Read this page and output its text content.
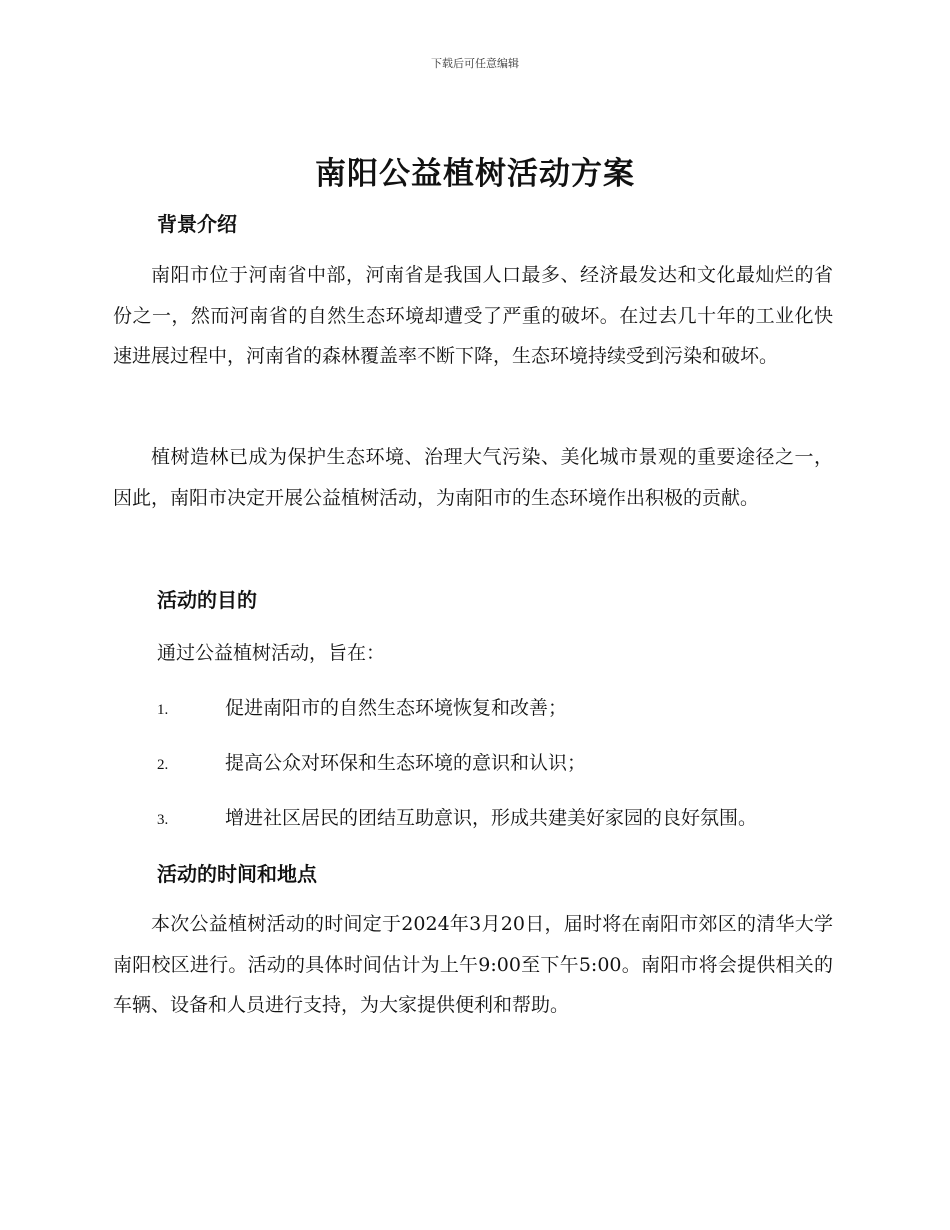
下载后可任意编辑
南阳公益植树活动方案
背景介绍

南阳市位于河南省中部，河南省是我国人口最多、经济最发达和文化最灿烂的省份之一，然而河南省的自然生态环境却遭受了严重的破坏。在过去几十年的工业化快速进展过程中，河南省的森林覆盖率不断下降，生态环境持续受到污染和破坏。

植树造林已成为保护生态环境、治理大气污染、美化城市景观的重要途径之一，因此，南阳市决定开展公益植树活动，为南阳市的生态环境作出积极的贡献。

活动的目的

通过公益植树活动，旨在：

1.	促进南阳市的自然生态环境恢复和改善；
2.	提高公众对环保和生态环境的意识和认识；
3.	增进社区居民的团结互助意识，形成共建美好家园的良好氛围。
活动的时间和地点

本次公益植树活动的时间定于2024年3月20日，届时将在南阳市郊区的清华大学南阳校区进行。活动的具体时间估计为上午9:00至下午5:00。南阳市将会提供相关的车辆、设备和人员进行支持，为大家提供便利和帮助。
